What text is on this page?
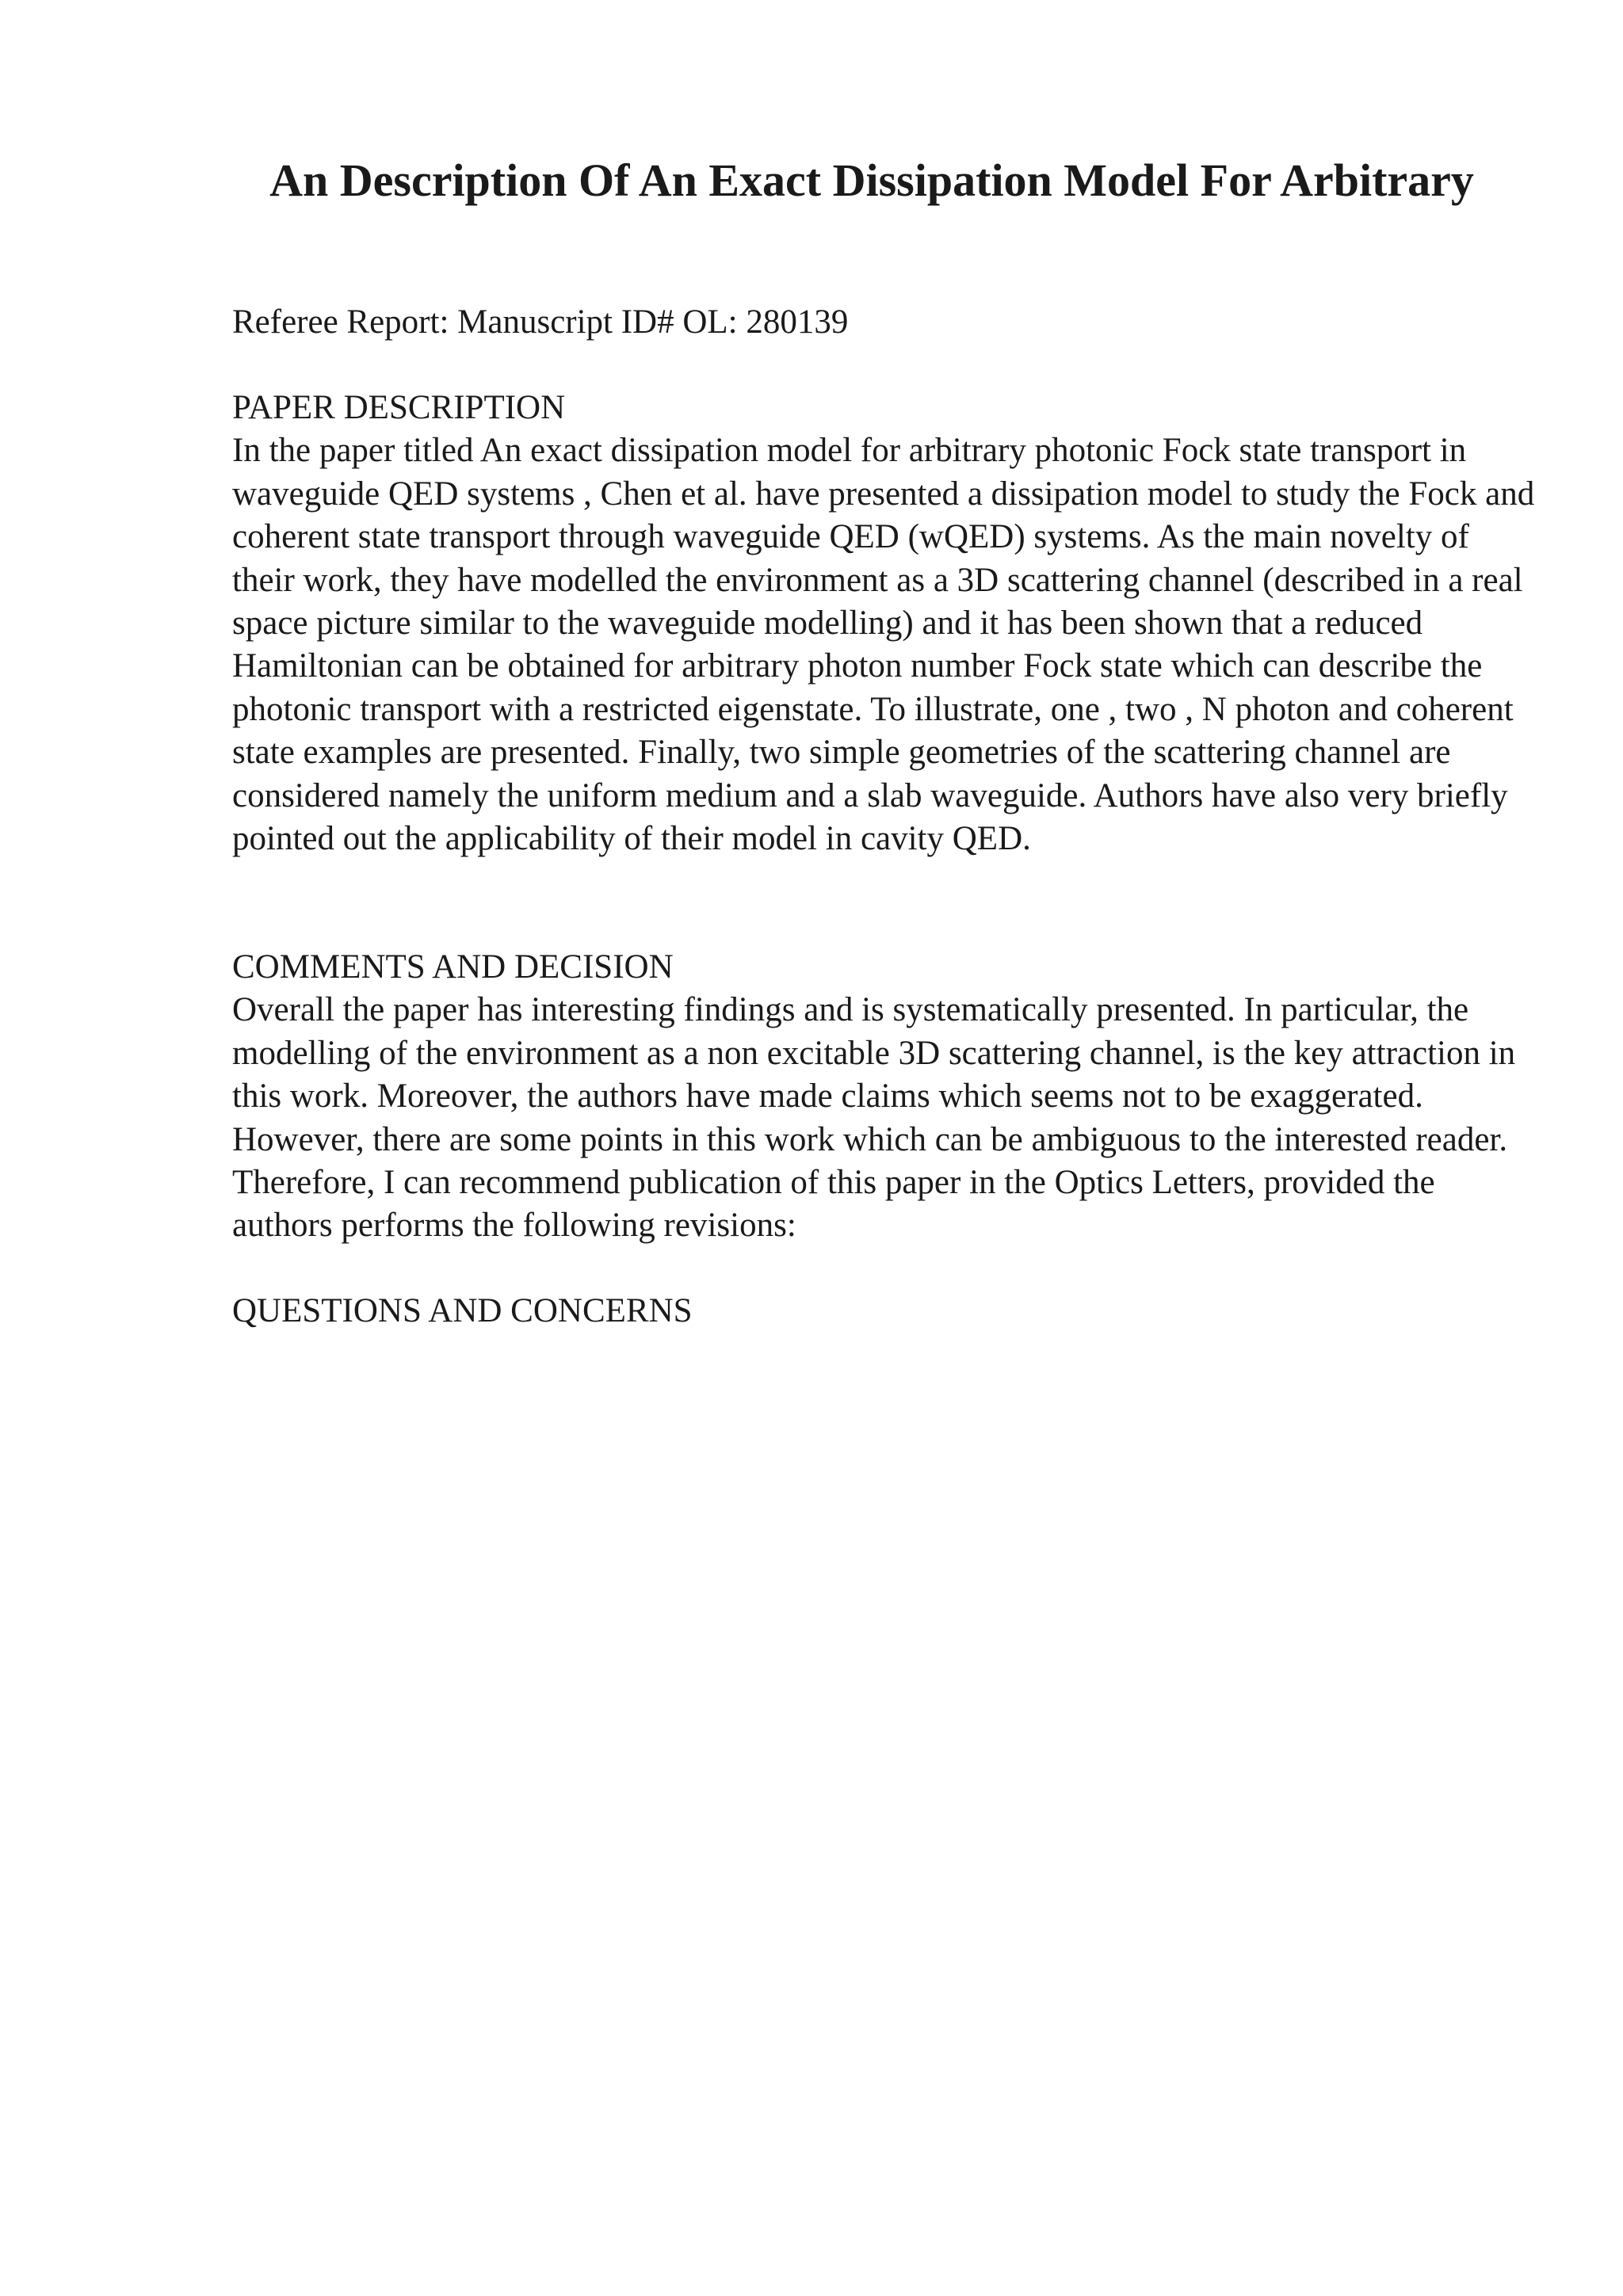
An Description Of An Exact Dissipation Model For Arbitrary

Referee Report: Manuscript ID# OL: 280139

PAPER DESCRIPTION

In the paper titled An exact dissipation model for arbitrary photonic Fock state transport in waveguide QED systems , Chen et al. have presented a dissipation model to study the Fock and coherent state transport through waveguide QED (wQED) systems. As the main novelty of their work, they have modelled the environment as a 3D scattering channel (described in a real space picture similar to the waveguide modelling) and it has been shown that a reduced Hamiltonian can be obtained for arbitrary photon number Fock state which can describe the photonic transport with a restricted eigenstate. To illustrate, one , two , N photon and coherent state examples are presented. Finally, two simple geometries of the scattering channel are considered namely the uniform medium and a slab waveguide. Authors have also very briefly pointed out the applicability of their model in cavity QED.

COMMENTS AND DECISION

Overall the paper has interesting findings and is systematically presented. In particular, the modelling of the environment as a non excitable 3D scattering channel, is the key attraction in this work. Moreover, the authors have made claims which seems not to be exaggerated. However, there are some points in this work which can be ambiguous to the interested reader. Therefore, I can recommend publication of this paper in the Optics Letters, provided the authors performs the following revisions:

QUESTIONS AND CONCERNS
